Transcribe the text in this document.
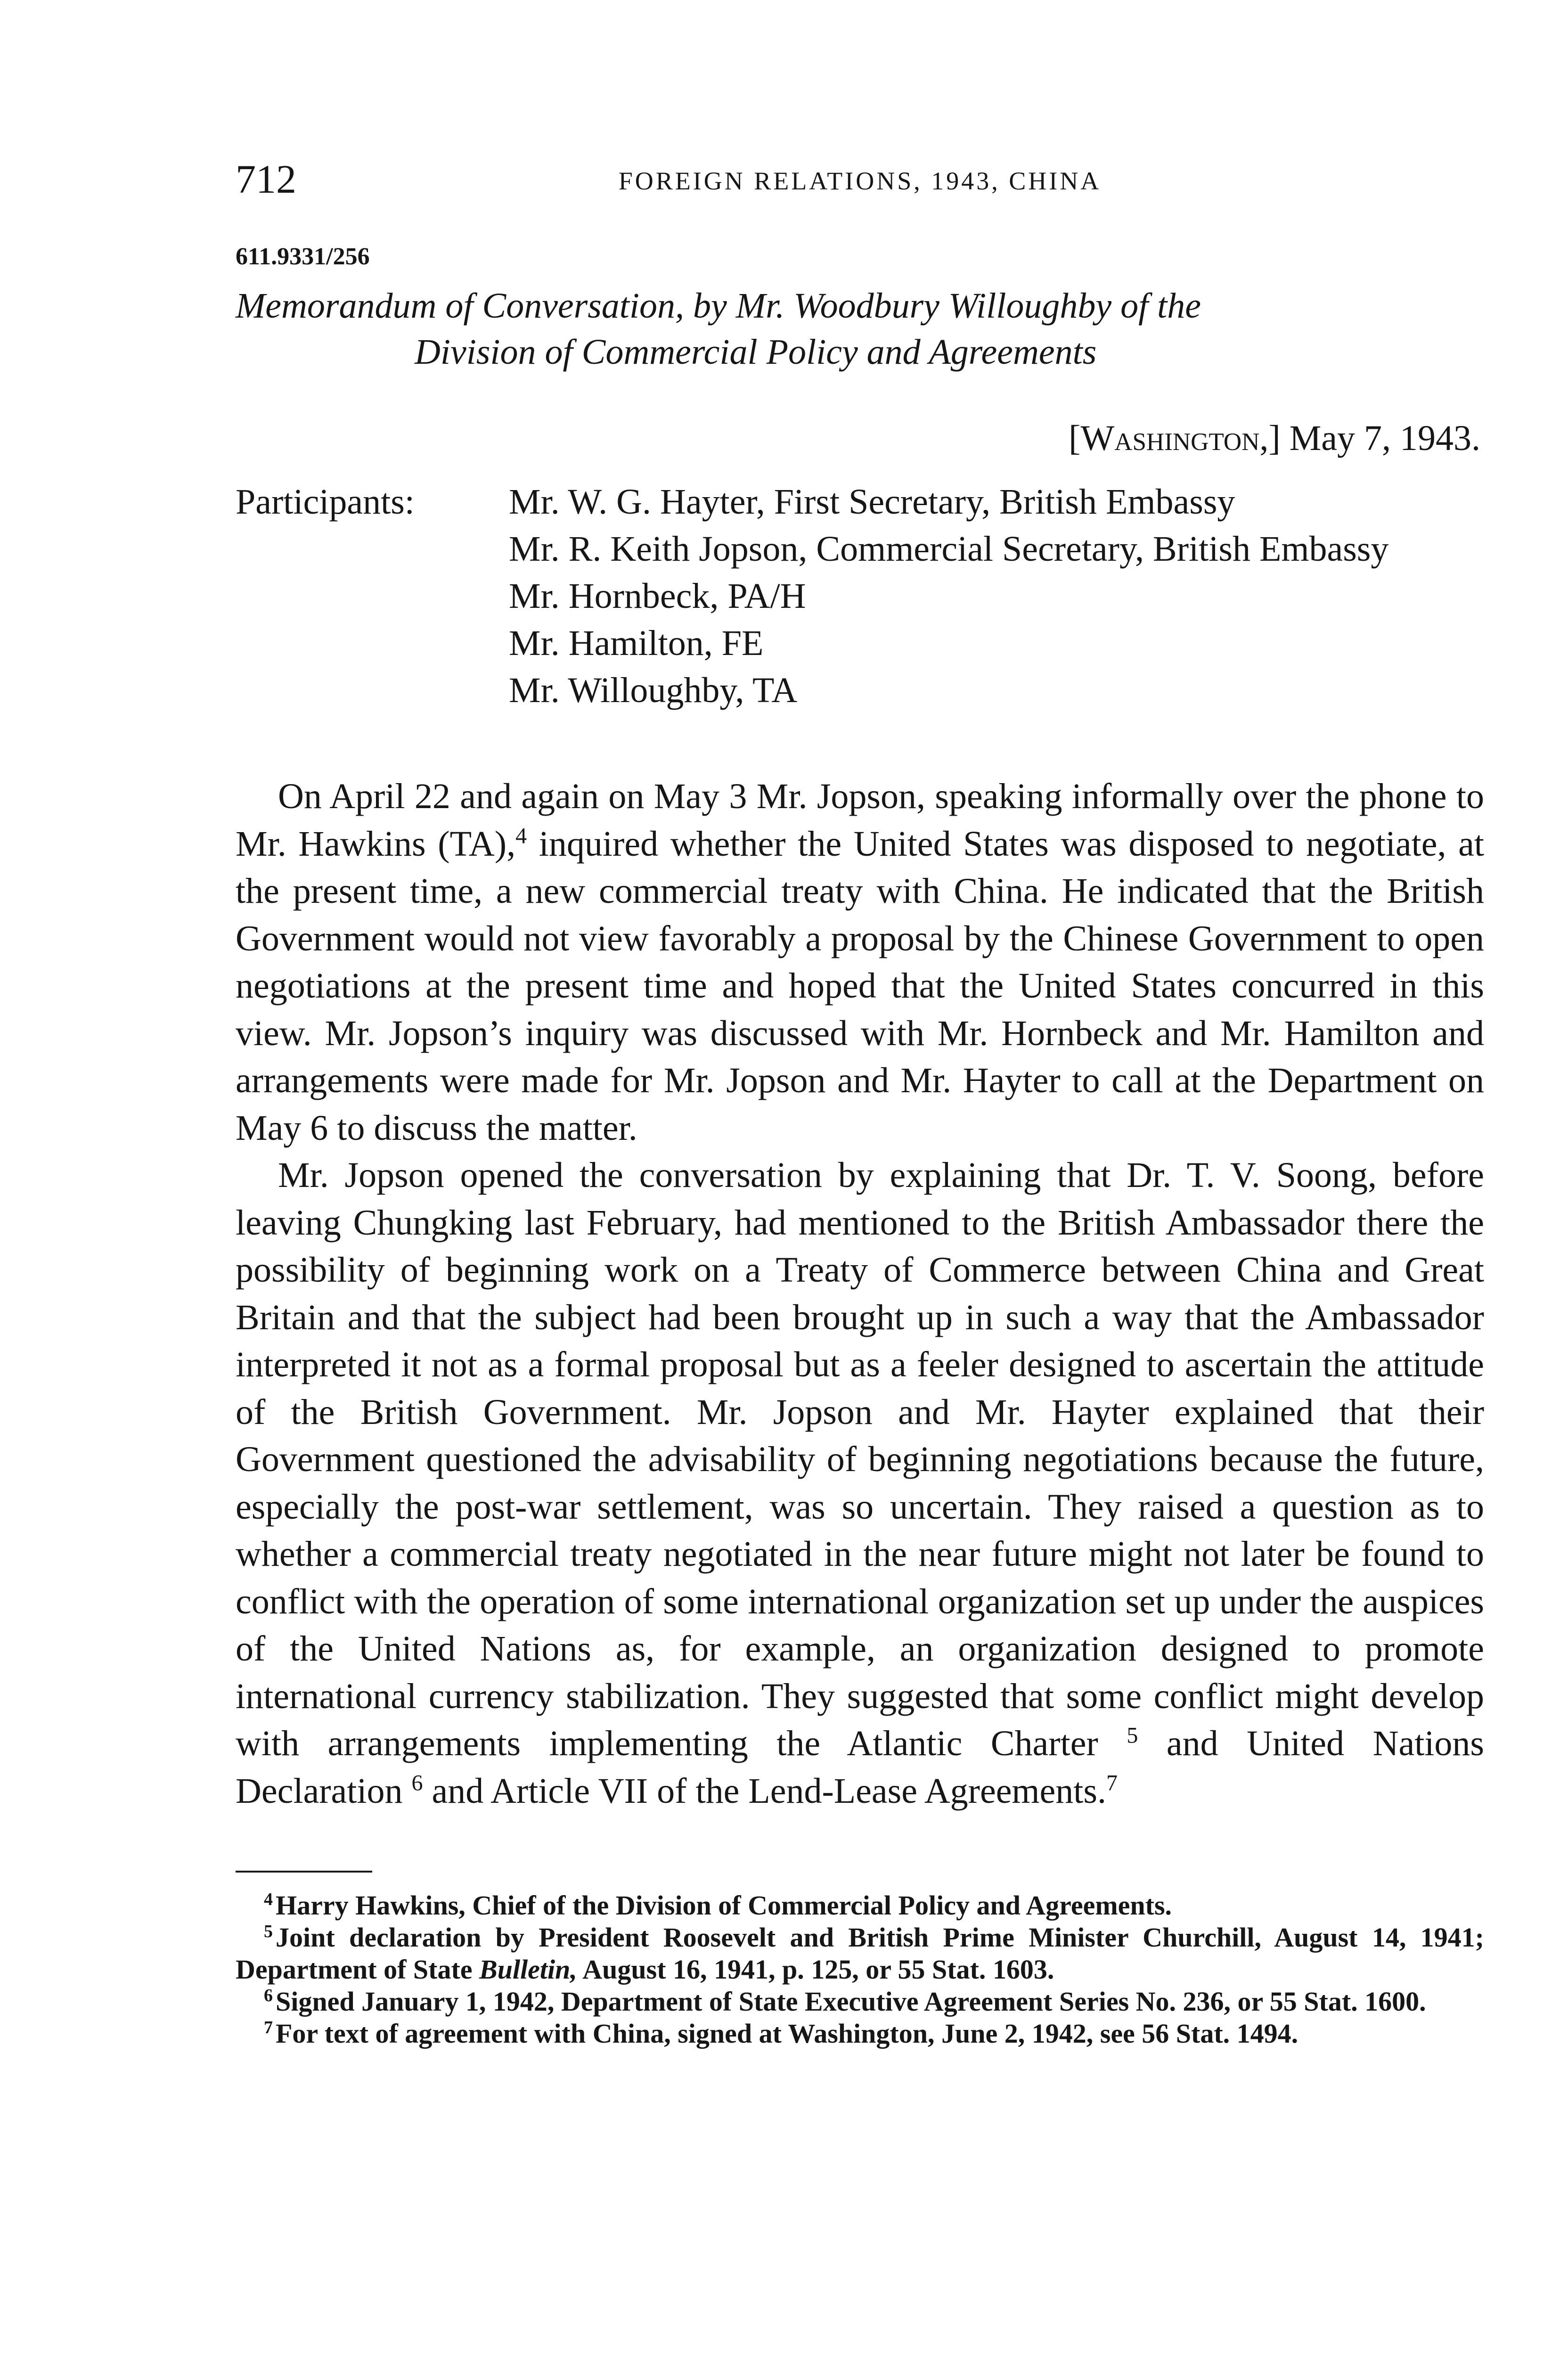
712	FOREIGN RELATIONS, 1943, CHINA
611.9331/256
Memorandum of Conversation, by Mr. Woodbury Willoughby of the
Division of Commercial Policy and Agreements
[Washington,] May 7, 1943.
Participants:	Mr. W. G. Hayter, First Secretary, British Embassy
Mr. R. Keith Jopson, Commercial Secretary, British Embassy
Mr. Hornbeck, PA/H
Mr. Hamilton, FE
Mr. Willoughby, TA

On April 22 and again on May 3 Mr. Jopson, speaking informally over the phone to Mr. Hawkins (TA),$^4$ inquired whether the United States was disposed to negotiate, at the present time, a new commercial treaty with China. He indicated that the British Government would not view favorably a proposal by the Chinese Government to open negotiations at the present time and hoped that the United States concurred in this view. Mr. Jopson’s inquiry was discussed with Mr. Hornbeck and Mr. Hamilton and arrangements were made for Mr. Jopson and Mr. Hayter to call at the Department on May 6 to discuss the matter.

Mr. Jopson opened the conversation by explaining that Dr. T. V. Soong, before leaving Chungking last February, had mentioned to the British Ambassador there the possibility of beginning work on a Treaty of Commerce between China and Great Britain and that the subject had been brought up in such a way that the Ambassador interpreted it not as a formal proposal but as a feeler designed to ascertain the attitude of the British Government. Mr. Jopson and Mr. Hayter explained that their Government questioned the advisability of beginning negotiations because the future, especially the post-war settlement, was so uncertain. They raised a question as to whether a commercial treaty negotiated in the near future might not later be found to conflict with the operation of some international organization set up under the auspices of the United Nations as, for example, an organization designed to promote international currency stabilization. They suggested that some conflict might develop with arrangements implementing the Atlantic Charter $^5$ and United Nations Declaration $^6$ and Article VII of the Lend-Lease Agreements.$^7$

$^4$ Harry Hawkins, Chief of the Division of Commercial Policy and Agreements.

$^5$ Joint declaration by President Roosevelt and British Prime Minister Churchill, August 14, 1941; Department of State Bulletin, August 16, 1941, p. 125, or 55 Stat. 1603.

$^6$ Signed January 1, 1942, Department of State Executive Agreement Series No. 236, or 55 Stat. 1600.

$^7$ For text of agreement with China, signed at Washington, June 2, 1942, see 56 Stat. 1494.
